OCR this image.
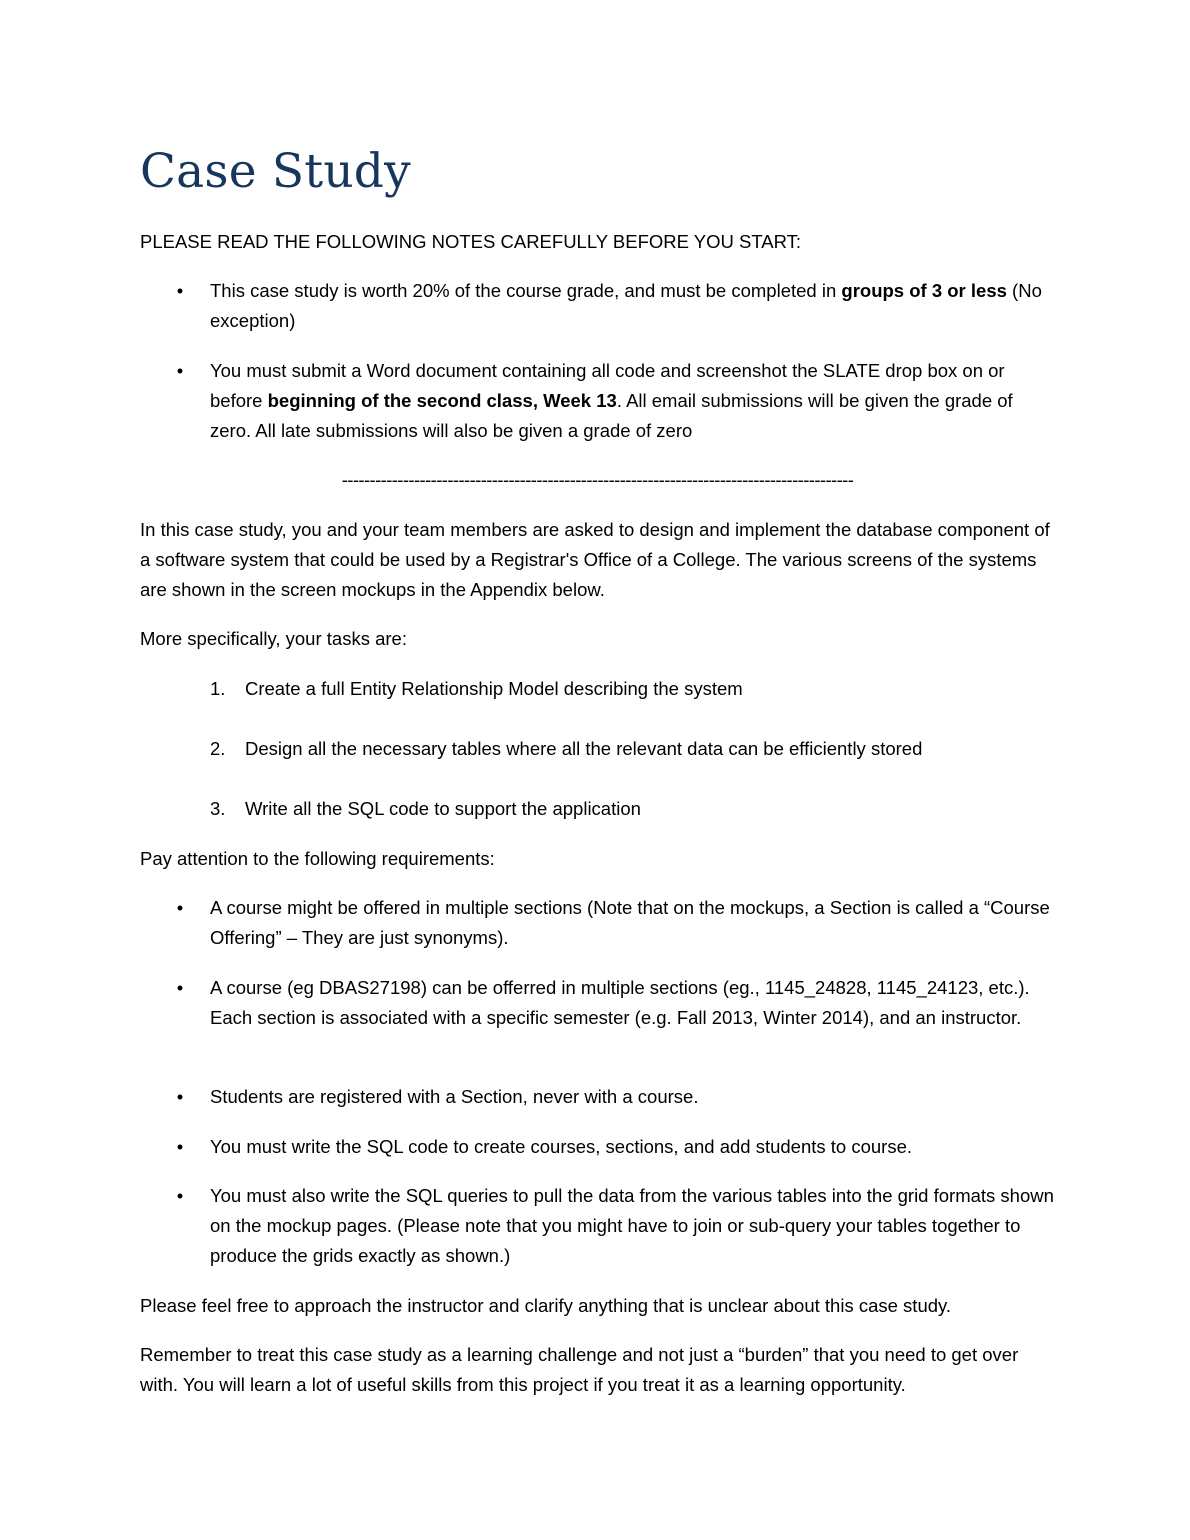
Case Study

PLEASE READ THE FOLLOWING NOTES CAREFULLY BEFORE YOU START:

• This case study is worth 20% of the course grade, and must be completed in groups of 3 or less (No exception)
• You must submit a Word document containing all code and screenshot the SLATE drop box on or before beginning of the second class, Week 13. All email submissions will be given the grade of zero. All late submissions will also be given a grade of zero
--------------------------------------------------------------------------------------------

In this case study, you and your team members are asked to design and implement the database component of a software system that could be used by a Registrar's Office of a College. The various screens of the systems are shown in the screen mockups in the Appendix below.

More specifically, your tasks are:

1. Create a full Entity Relationship Model describing the system
2. Design all the necessary tables where all the relevant data can be efficiently stored
3. Write all the SQL code to support the application

Pay attention to the following requirements:

• A course might be offered in multiple sections (Note that on the mockups, a Section is called a “Course Offering” – They are just synonyms).
• A course (eg DBAS27198) can be offerred in multiple sections (eg., 1145_24828, 1145_24123, etc.). Each section is associated with a specific semester (e.g. Fall 2013, Winter 2014), and an instructor.
• Students are registered with a Section, never with a course.
• You must write the SQL code to create courses, sections, and add students to course.
• You must also write the SQL queries to pull the data from the various tables into the grid formats shown on the mockup pages. (Please note that you might have to join or sub-query your tables together to produce the grids exactly as shown.)

Please feel free to approach the instructor and clarify anything that is unclear about this case study.

Remember to treat this case study as a learning challenge and not just a “burden” that you need to get over with. You will learn a lot of useful skills from this project if you treat it as a learning opportunity.
